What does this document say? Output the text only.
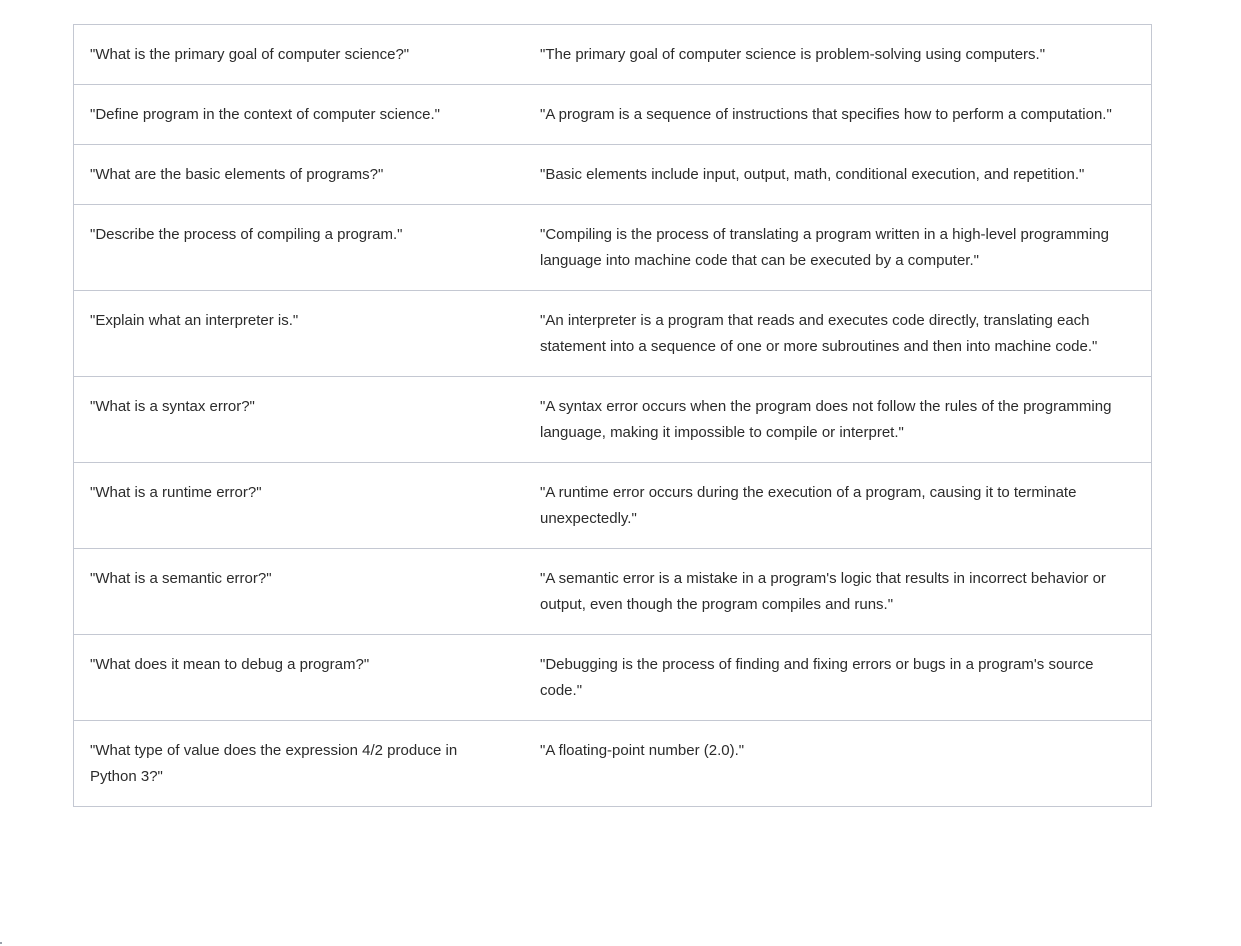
"What is the primary goal of computer science?"	"The primary goal of computer science is problem-solving using computers."
"Define program in the context of computer science."	"A program is a sequence of instructions that specifies how to perform a computation."
"What are the basic elements of programs?"	"Basic elements include input, output, math, conditional execution, and repetition."
"Describe the process of compiling a program."	"Compiling is the process of translating a program written in a high-level programming language into machine code that can be executed by a computer."
"Explain what an interpreter is."	"An interpreter is a program that reads and executes code directly, translating each statement into a sequence of one or more subroutines and then into machine code."
"What is a syntax error?"	"A syntax error occurs when the program does not follow the rules of the programming language, making it impossible to compile or interpret."
"What is a runtime error?"	"A runtime error occurs during the execution of a program, causing it to terminate unexpectedly."
"What is a semantic error?"	"A semantic error is a mistake in a program's logic that results in incorrect behavior or output, even though the program compiles and runs."
"What does it mean to debug a program?"	"Debugging is the process of finding and fixing errors or bugs in a program's source code."
"What type of value does the expression 4/2 produce in Python 3?"	"A floating-point number (2.0)."
